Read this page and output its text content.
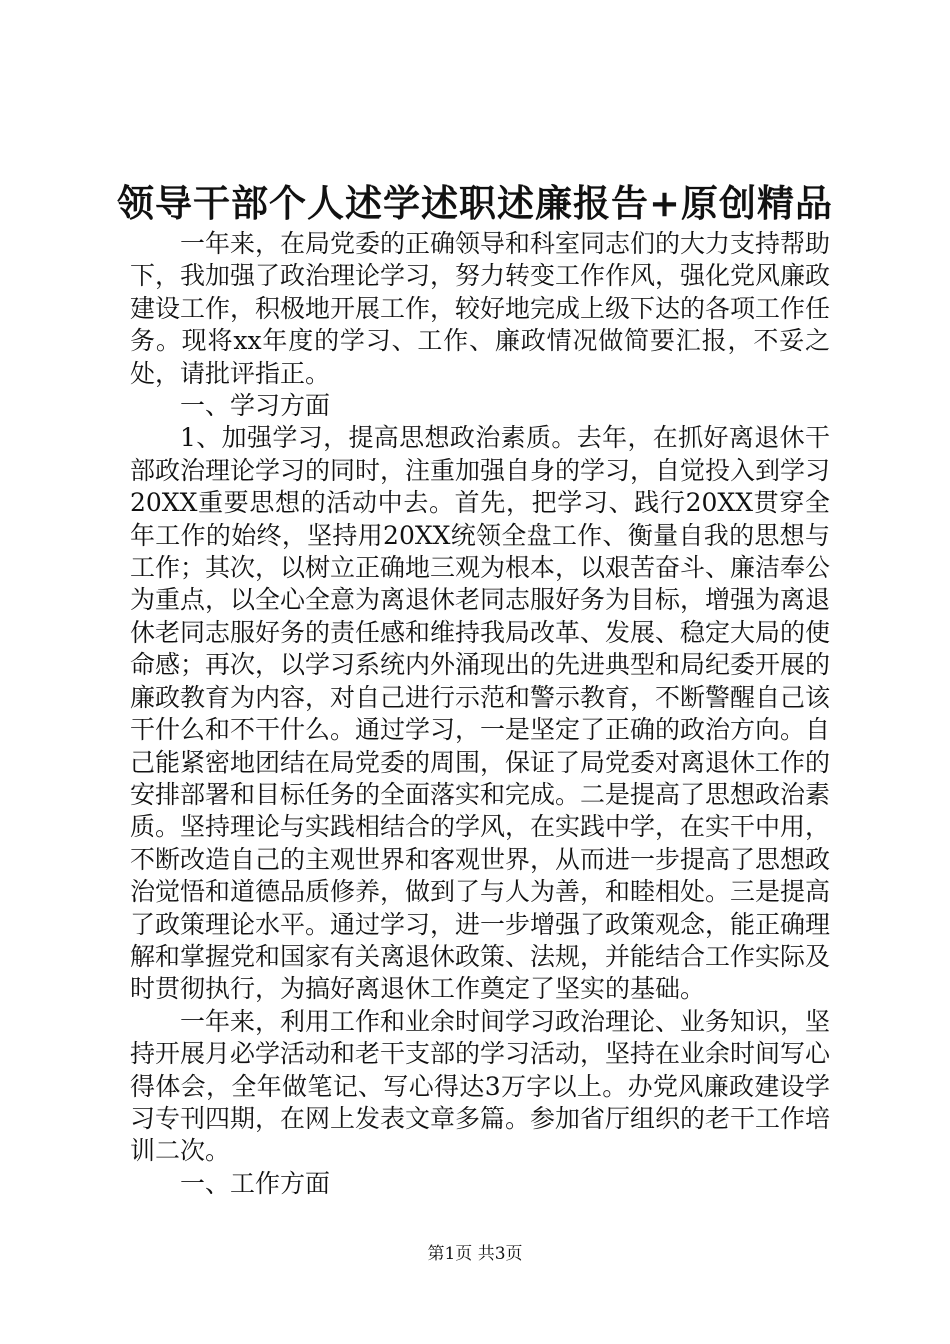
领导干部个人述学述职述廉报告+原创精品

一年来，在局党委的正确领导和科室同志们的大力支持帮助下，我加强了政治理论学习，努力转变工作作风，强化党风廉政建设工作，积极地开展工作，较好地完成上级下达的各项工作任务。现将xx年度的学习、工作、廉政情况做简要汇报，不妥之处，请批评指正。

一、学习方面

1、加强学习，提高思想政治素质。去年，在抓好离退休干部政治理论学习的同时，注重加强自身的学习，自觉投入到学习20XX重要思想的活动中去。首先，把学习、践行20XX贯穿全年工作的始终，坚持用20XX统领全盘工作、衡量自我的思想与工作；其次，以树立正确地三观为根本，以艰苦奋斗、廉洁奉公为重点，以全心全意为离退休老同志服好务为目标，增强为离退休老同志服好务的责任感和维持我局改革、发展、稳定大局的使命感；再次，以学习系统内外涌现出的先进典型和局纪委开展的廉政教育为内容，对自己进行示范和警示教育，不断警醒自己该干什么和不干什么。通过学习，一是坚定了正确的政治方向。自己能紧密地团结在局党委的周围，保证了局党委对离退休工作的安排部署和目标任务的全面落实和完成。二是提高了思想政治素质。坚持理论与实践相结合的学风，在实践中学，在实干中用，不断改造自己的主观世界和客观世界，从而进一步提高了思想政治觉悟和道德品质修养，做到了与人为善，和睦相处。三是提高了政策理论水平。通过学习，进一步增强了政策观念，能正确理解和掌握党和国家有关离退休政策、法规，并能结合工作实际及时贯彻执行，为搞好离退休工作奠定了坚实的基础。

一年来，利用工作和业余时间学习政治理论、业务知识，坚持开展月必学活动和老干支部的学习活动，坚持在业余时间写心得体会，全年做笔记、写心得达3万字以上。办党风廉政建设学习专刊四期，在网上发表文章多篇。参加省厅组织的老干工作培训二次。

一、工作方面

第1页 共3页
